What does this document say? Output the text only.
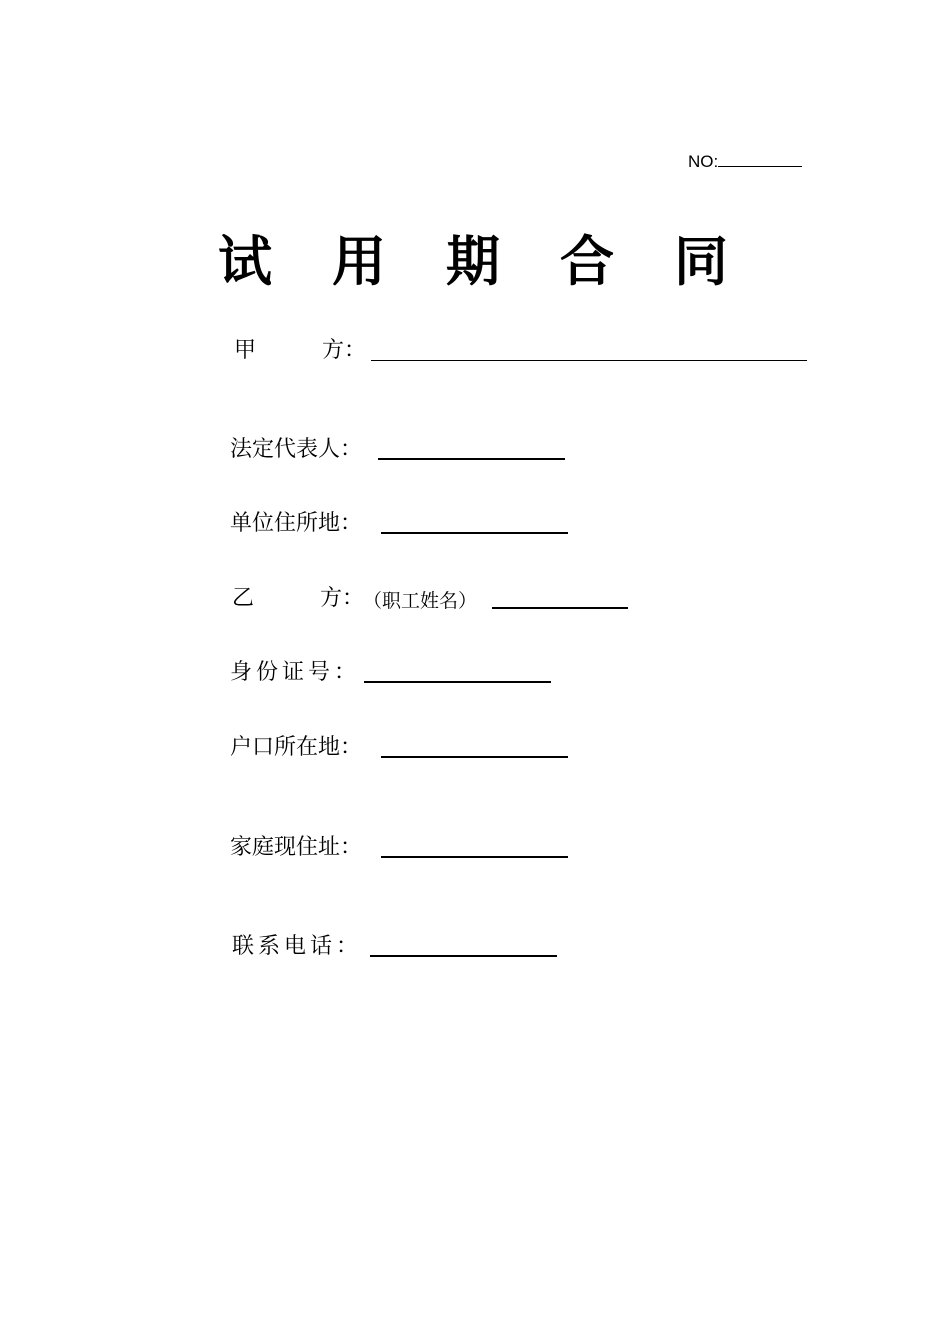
NO:
试 用 期 合 同
甲	方：
法定代表人：
单位住所地：
乙	方：
（职工姓名）
身份证号：
户口所在地：
家庭现住址：
联系电话：
